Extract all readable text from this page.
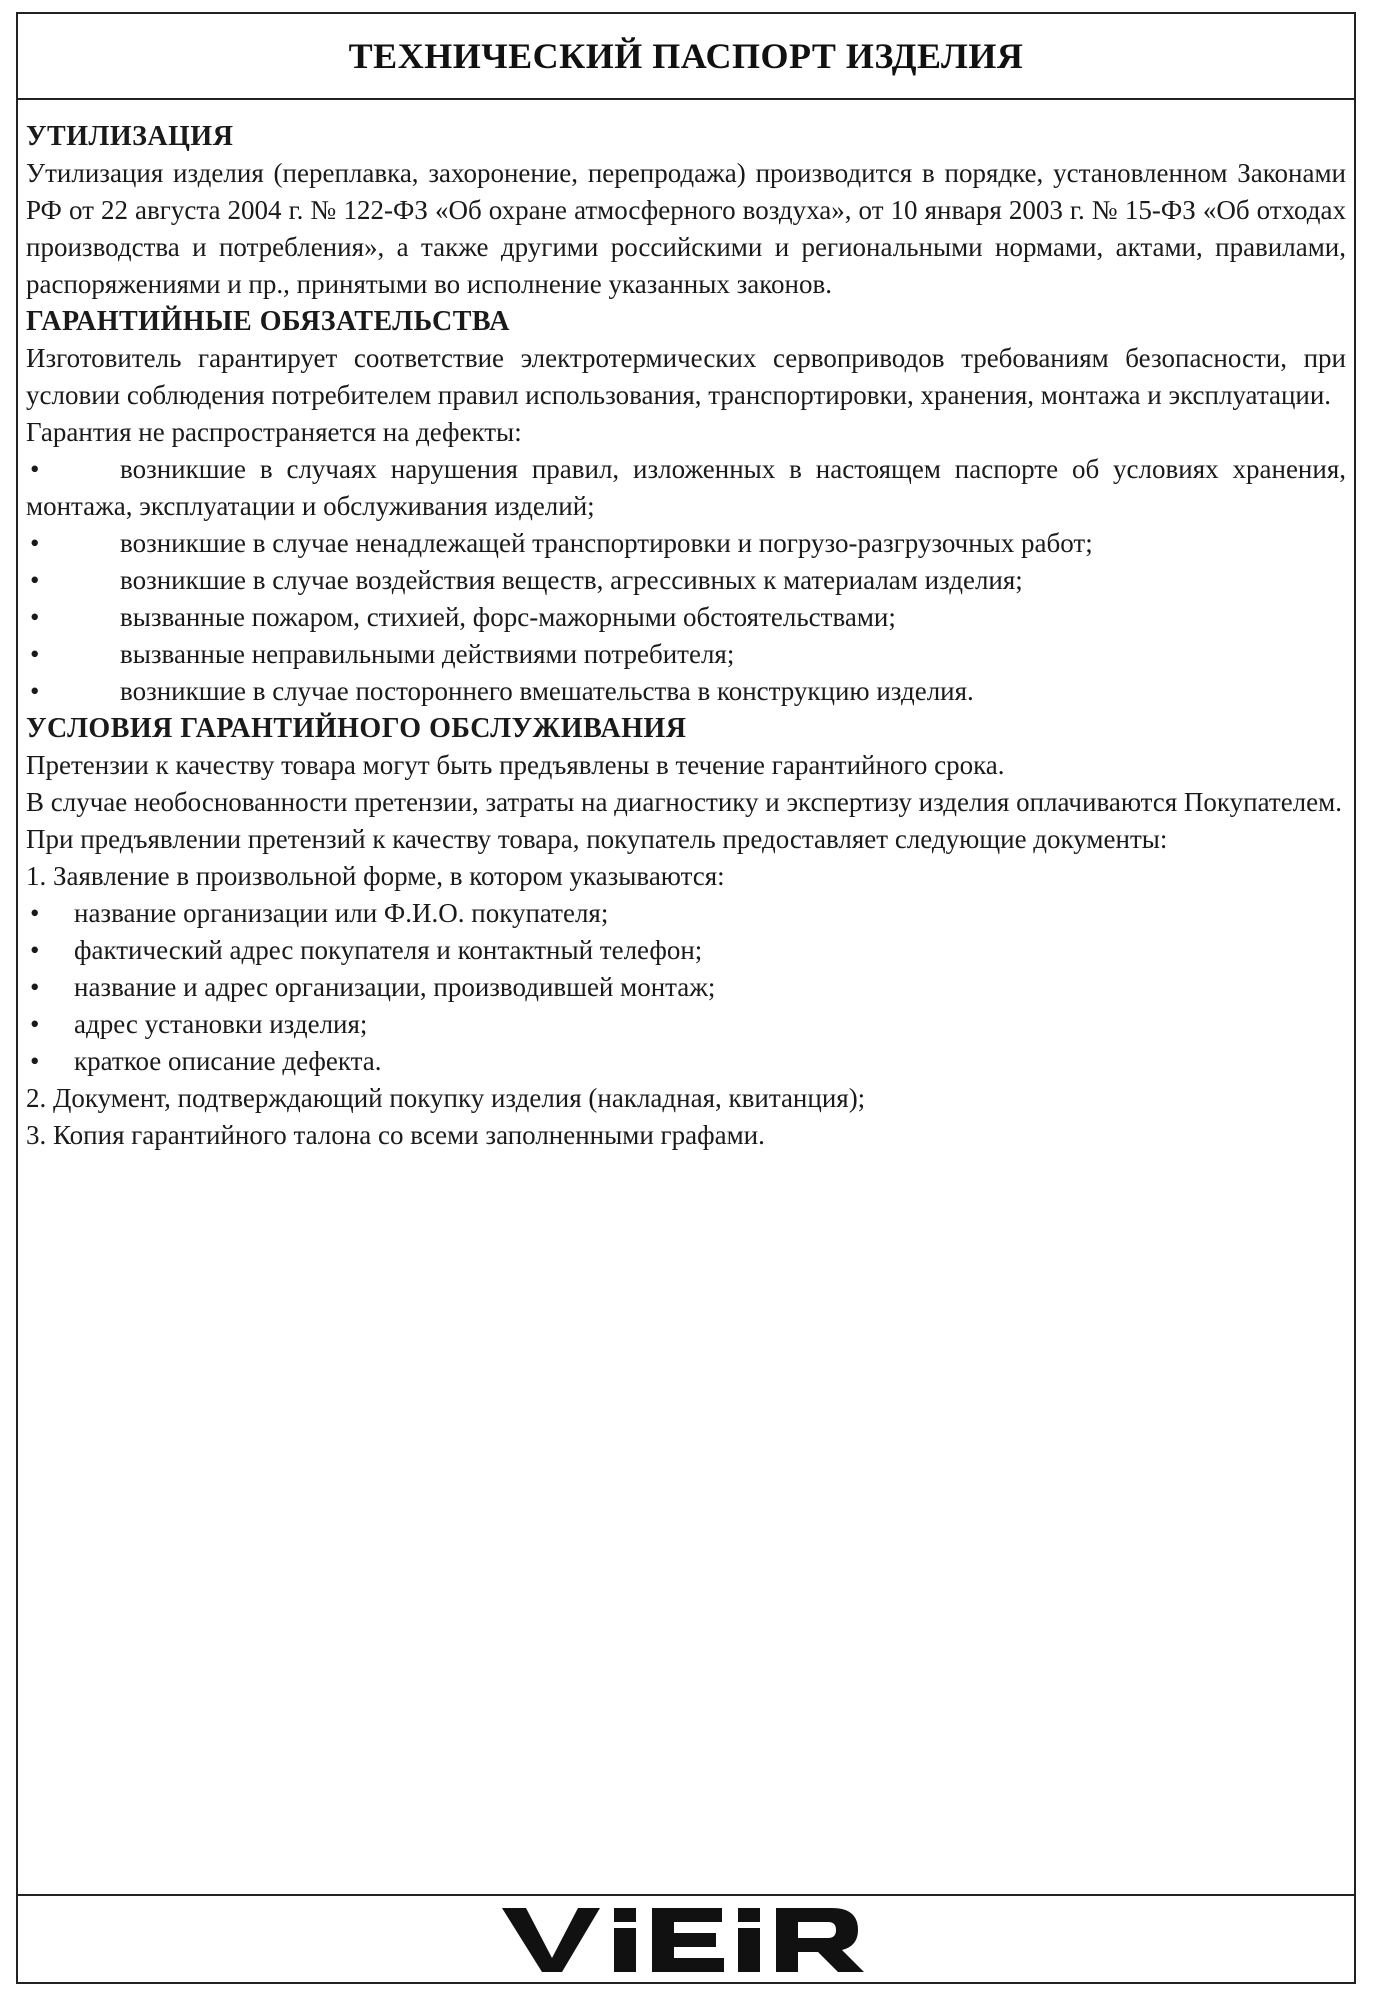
ТЕХНИЧЕСКИЙ ПАСПОРТ ИЗДЕЛИЯ

УТИЛИЗАЦИЯ

Утилизация изделия (переплавка, захоронение, перепродажа) производится в порядке, установленном Законами РФ от 22 августа 2004 г. № 122-ФЗ «Об охране атмосферного воздуха», от 10 января 2003 г. № 15-ФЗ «Об отходах производства и потребления», а также другими российскими и региональными нормами, актами, правилами, распоряжениями и пр., принятыми во исполнение указанных законов.

ГАРАНТИЙНЫЕ ОБЯЗАТЕЛЬСТВА

Изготовитель гарантирует соответствие электротермических сервоприводов требованиям безопасности, при условии соблюдения потребителем правил использования, транспортировки, хранения, монтажа и эксплуатации.

Гарантия не распространяется на дефекты:

•	возникшие в случаях нарушения правил, изложенных в настоящем паспорте об условиях хранения, монтажа, эксплуатации и обслуживания изделий;

•	возникшие в случае ненадлежащей транспортировки и погрузо-разгрузочных работ;

•	возникшие в случае воздействия веществ, агрессивных к материалам изделия;

•	вызванные пожаром, стихией, форс-мажорными обстоятельствами;

•	вызванные неправильными действиями потребителя;

•	возникшие в случае постороннего вмешательства в конструкцию изделия.

УСЛОВИЯ ГАРАНТИЙНОГО ОБСЛУЖИВАНИЯ

Претензии к качеству товара могут быть предъявлены в течение гарантийного срока.

В случае необоснованности претензии, затраты на диагностику и экспертизу изделия оплачиваются Покупателем.

При предъявлении претензий к качеству товара, покупатель предоставляет следующие документы:

1. Заявление в произвольной форме, в котором указываются:

•	название организации или Ф.И.О. покупателя;

•	фактический адрес покупателя и контактный телефон;

•	название и адрес организации, производившей монтаж;

•	адрес установки изделия;

•	краткое описание дефекта.

2. Документ, подтверждающий покупку изделия (накладная, квитанция);

3. Копия гарантийного талона со всеми заполненными графами.
